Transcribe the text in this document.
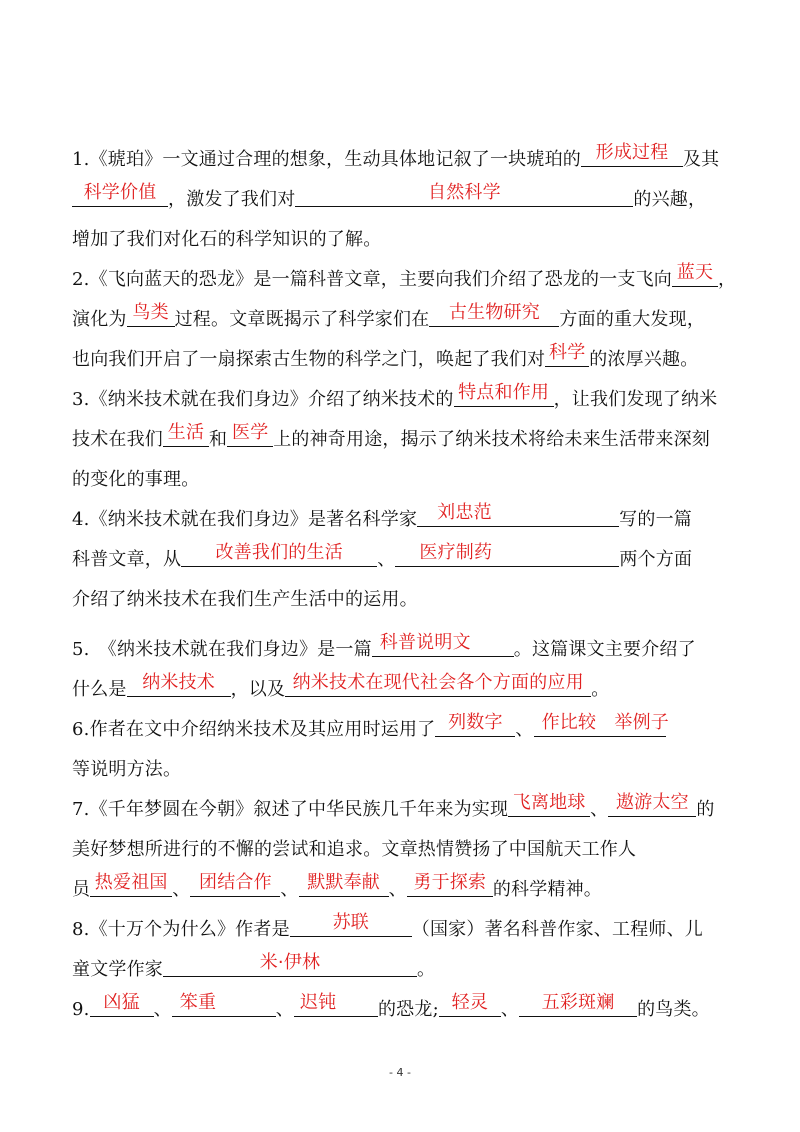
1.《琥珀》一文通过合理的想象，生动具体地记叙了一块琥珀的 形成过程 及其
科学价值 ，激发了我们对	自然科学	的兴趣，
增加了我们对化石的科学知识的了解。
2.《飞向蓝天的恐龙》是一篇科普文章，主要向我们介绍了恐龙的一支飞向 蓝天 ，
演化为 鸟类 过程。文章既揭示了科学家们在	古生物研究	方面的重大发现，
也向我们开启了一扇探索古生物的科学之门，唤起了我们对 科学 的浓厚兴趣。
3.《纳米技术就在我们身边》介绍了纳米技术的 特点和作用 ，让我们发现了纳米
技术在我们 生活 和 医学 上的神奇用途，揭示了纳米技术将给未来生活带来深刻
的变化的事理。
4.《纳米技术就在我们身边》是著名科学家	刘忠范	写的一篇
科普文章，从	改善我们的生活	、	医疗制药	两个方面
介绍了纳米技术在我们生产生活中的运用。
5.　《纳米技术就在我们身边》是一篇 科普说明文	。这篇课文主要介绍了
什么是 纳米技术 ，以及 纳米技术在现代社会各个方面的应用 。
6.作者在文中介绍纳米技术及其应用时运用了 列数字 、 作比较　举例子
等说明方法。
7.《千年梦圆在今朝》叙述了中华民族几千年来为实现 飞离地球 、 遨游太空 的
美好梦想所进行的不懈的尝试和追求。文章热情赞扬了中国航天工作人
员 热爱祖国 、 团结合作 、 默默奉献 、 勇于探索 的科学精神。
8.《十万个为什么》作者是	苏联	（国家）著名科普作家、工程师、儿
童文学作家	米·伊林	。
9. 凶猛 、 笨重	、 迟钝	的恐龙; 轻灵 、	五彩斑斓	的鸟类。
- 4 -
